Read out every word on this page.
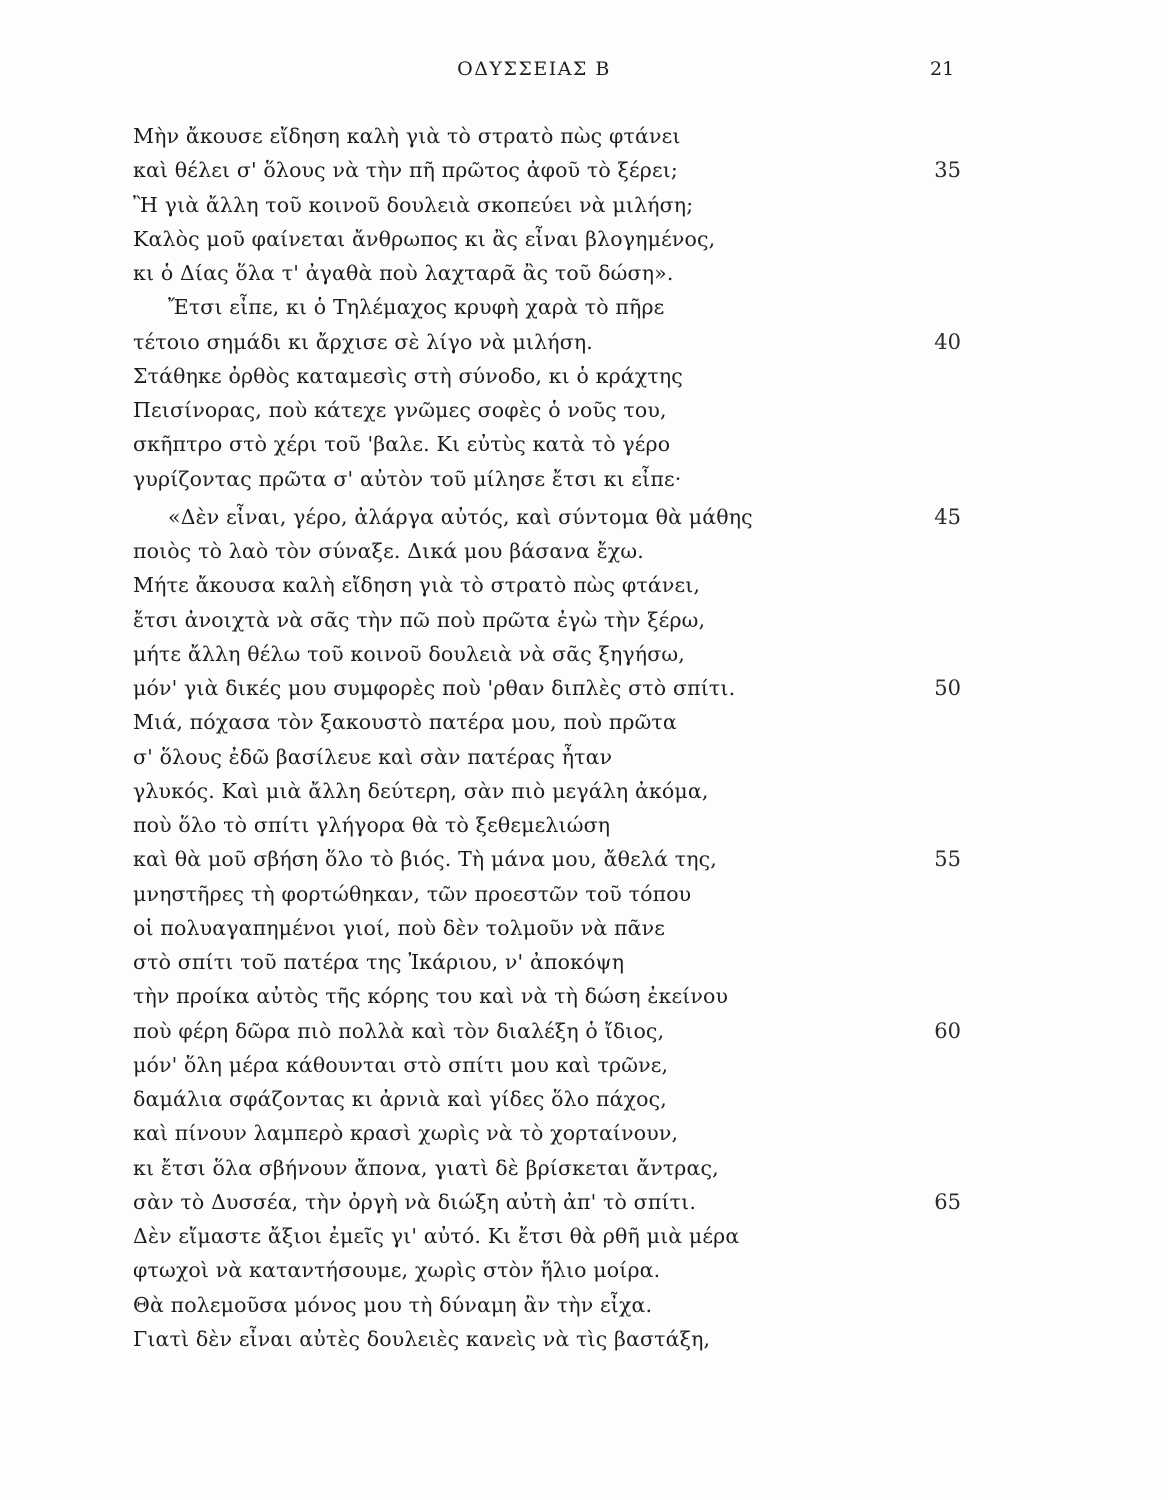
ΟΔΥΣΣΕΙΑΣ Β	21
Μὴν ἄκουσε εἴδηση καλὴ γιὰ τὸ στρατὸ πὼς φτάνει
καὶ θέλει σ' ὅλους νὰ τὴν πῆ πρῶτος ἀφοῦ τὸ ξέρει;	35
Ἢ γιὰ ἄλλη τοῦ κοινοῦ δουλειὰ σκοπεύει νὰ μιλήση;
Καλὸς μοῦ φαίνεται ἄνθρωπος κι ἂς εἶναι βλογημένος,
κι ὁ Δίας ὅλα τ' ἀγαθὰ ποὺ λαχταρᾶ ἂς τοῦ δώση».
Ἔτσι εἶπε, κι ὁ Τηλέμαχος κρυφὴ χαρὰ τὸ πῆρε
τέτοιο σημάδι κι ἄρχισε σὲ λίγο νὰ μιλήση.	40
Στάθηκε ὀρθὸς καταμεσὶς στὴ σύνοδο, κι ὁ κράχτης
Πεισίνορας, ποὺ κάτεχε γνῶμες σοφὲς ὁ νοῦς του,
σκῆπτρο στὸ χέρι τοῦ 'βαλε. Κι εὐτὺς κατὰ τὸ γέρο
γυρίζοντας πρῶτα σ' αὐτὸν τοῦ μίλησε ἔτσι κι εἶπε·
«Δὲν εἶναι, γέρο, ἀλάργα αὐτός, καὶ σύντομα θὰ μάθης	45
ποιὸς τὸ λαὸ τὸν σύναξε. Δικά μου βάσανα ἔχω.
Μήτε ἄκουσα καλὴ εἴδηση γιὰ τὸ στρατὸ πὼς φτάνει,
ἔτσι ἀνοιχτὰ νὰ σᾶς τὴν πῶ ποὺ πρῶτα ἐγὼ τὴν ξέρω,
μήτε ἄλλη θέλω τοῦ κοινοῦ δουλειὰ νὰ σᾶς ξηγήσω,
μόν' γιὰ δικές μου συμφορὲς ποὺ 'ρθαν διπλὲς στὸ σπίτι.	50
Μιά, πόχασα τὸν ξακουστὸ πατέρα μου, ποὺ πρῶτα
σ' ὅλους ἐδῶ βασίλευε καὶ σὰν πατέρας ἦταν
γλυκός. Καὶ μιὰ ἄλλη δεύτερη, σὰν πιὸ μεγάλη ἀκόμα,
ποὺ ὅλο τὸ σπίτι γλήγορα θὰ τὸ ξεθεμελιώση
καὶ θὰ μοῦ σβήση ὅλο τὸ βιός. Τὴ μάνα μου, ἄθελά της,	55
μνηστῆρες τὴ φορτώθηκαν, τῶν προεστῶν τοῦ τόπου
οἱ πολυαγαπημένοι γιοί, ποὺ δὲν τολμοῦν νὰ πᾶνε
στὸ σπίτι τοῦ πατέρα της Ἰκάριου, ν' ἀποκόψη
τὴν προίκα αὐτὸς τῆς κόρης του καὶ νὰ τὴ δώση ἐκείνου
ποὺ φέρη δῶρα πιὸ πολλὰ καὶ τὸν διαλέξη ὁ ἴδιος,	60
μόν' ὅλη μέρα κάθουνται στὸ σπίτι μου καὶ τρῶνε,
δαμάλια σφάζοντας κι ἀρνιὰ καὶ γίδες ὅλο πάχος,
καὶ πίνουν λαμπερὸ κρασὶ χωρὶς νὰ τὸ χορταίνουν,
κι ἔτσι ὅλα σβήνουν ἄπονα, γιατὶ δὲ βρίσκεται ἄντρας,
σὰν τὸ Δυσσέα, τὴν ὀργὴ νὰ διώξη αὐτὴ ἀπ' τὸ σπίτι.	65
Δὲν εἴμαστε ἄξιοι ἐμεῖς γι' αὐτό. Κι ἔτσι θὰ ρθῆ μιὰ μέρα
φτωχοὶ νὰ καταντήσουμε, χωρὶς στὸν ἥλιο μοίρα.
Θὰ πολεμοῦσα μόνος μου τὴ δύναμη ἂν τὴν εἶχα.
Γιατὶ δὲν εἶναι αὐτὲς δουλειὲς κανεὶς νὰ τὶς βαστάξη,
